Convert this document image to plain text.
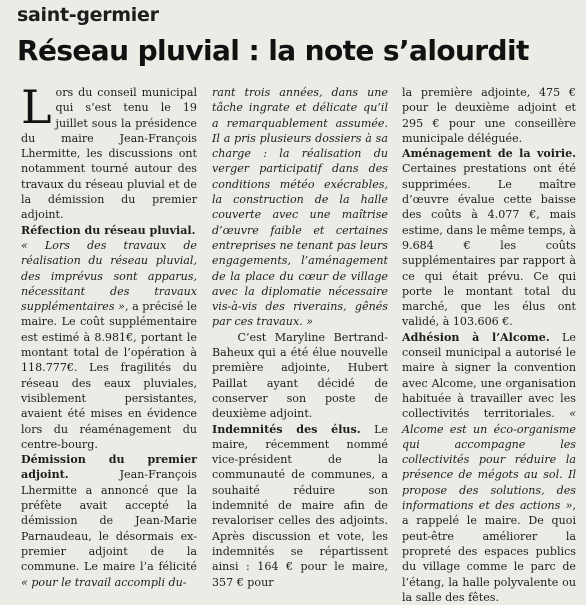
saint-germier
Réseau pluvial : la note s’alourdit

Lors du conseil municipal qui s’est tenu le 19 juillet sous la présidence du maire Jean-François Lhermitte, les discussions ont notamment tourné autour des travaux du réseau pluvial et de la démission du premier adjoint.

Réfection du réseau pluvial.

« Lors des travaux de réalisation du réseau pluvial, des imprévus sont apparus, nécessitant des travaux supplémentaires », a précisé le maire. Le coût supplémentaire est estimé à 8.981€, portant le montant total de l’opération à 118.777€. Les fragilités du réseau des eaux pluviales, visiblement persistantes, avaient été mises en évidence lors du réaménagement du centre-bourg.

Démission du premier adjoint. Jean-François Lhermitte a annoncé que la préfète avait accepté la démission de Jean-Marie Parnaudeau, le désormais ex-premier adjoint de la commune. Le maire l’a félicité « pour le travail accompli du-

rant trois années, dans une tâche ingrate et délicate qu’il a remarquablement assumée. Il a pris plusieurs dossiers à sa charge : la réalisation du verger participatif dans des conditions météo exécrables, la construction de la halle couverte avec une maîtrise d’œuvre faible et certaines entreprises ne tenant pas leurs engagements, l’aménagement de la place du cœur de village avec la diplomatie nécessaire vis-à-vis des riverains, gênés par ces travaux. »

C’est Maryline Bertrand-Baheux qui a été élue nouvelle première adjointe, Hubert Paillat ayant décidé de conserver son poste de deuxième adjoint.

Indemnités des élus. Le maire, récemment nommé vice-président de la communauté de communes, a souhaité réduire son indemnité de maire afin de revaloriser celles des adjoints. Après discussion et vote, les indemnités se répartissent ainsi : 164 € pour le maire, 357 € pour

la première adjointe, 475 € pour le deuxième adjoint et 295 € pour une conseillère municipale déléguée.

Aménagement de la voirie. Certaines prestations ont été supprimées. Le maître d’œuvre évalue cette baisse des coûts à 4.077 €, mais estime, dans le même temps, à 9.684 € les coûts supplémentaires par rapport à ce qui était prévu. Ce qui porte le montant total du marché, que les élus ont validé, à 103.606 €.

Adhésion à l’Alcome. Le conseil municipal a autorisé le maire à signer la convention avec Alcome, une organisation habituée à travailler avec les collectivités territoriales. « Alcome est un éco-organisme qui accompagne les collectivités pour réduire la présence de mégots au sol. Il propose des solutions, des informations et des actions », a rappelé le maire. De quoi peut-être améliorer la propreté des espaces publics du village comme le parc de l’étang, la halle polyvalente ou la salle des fêtes.
